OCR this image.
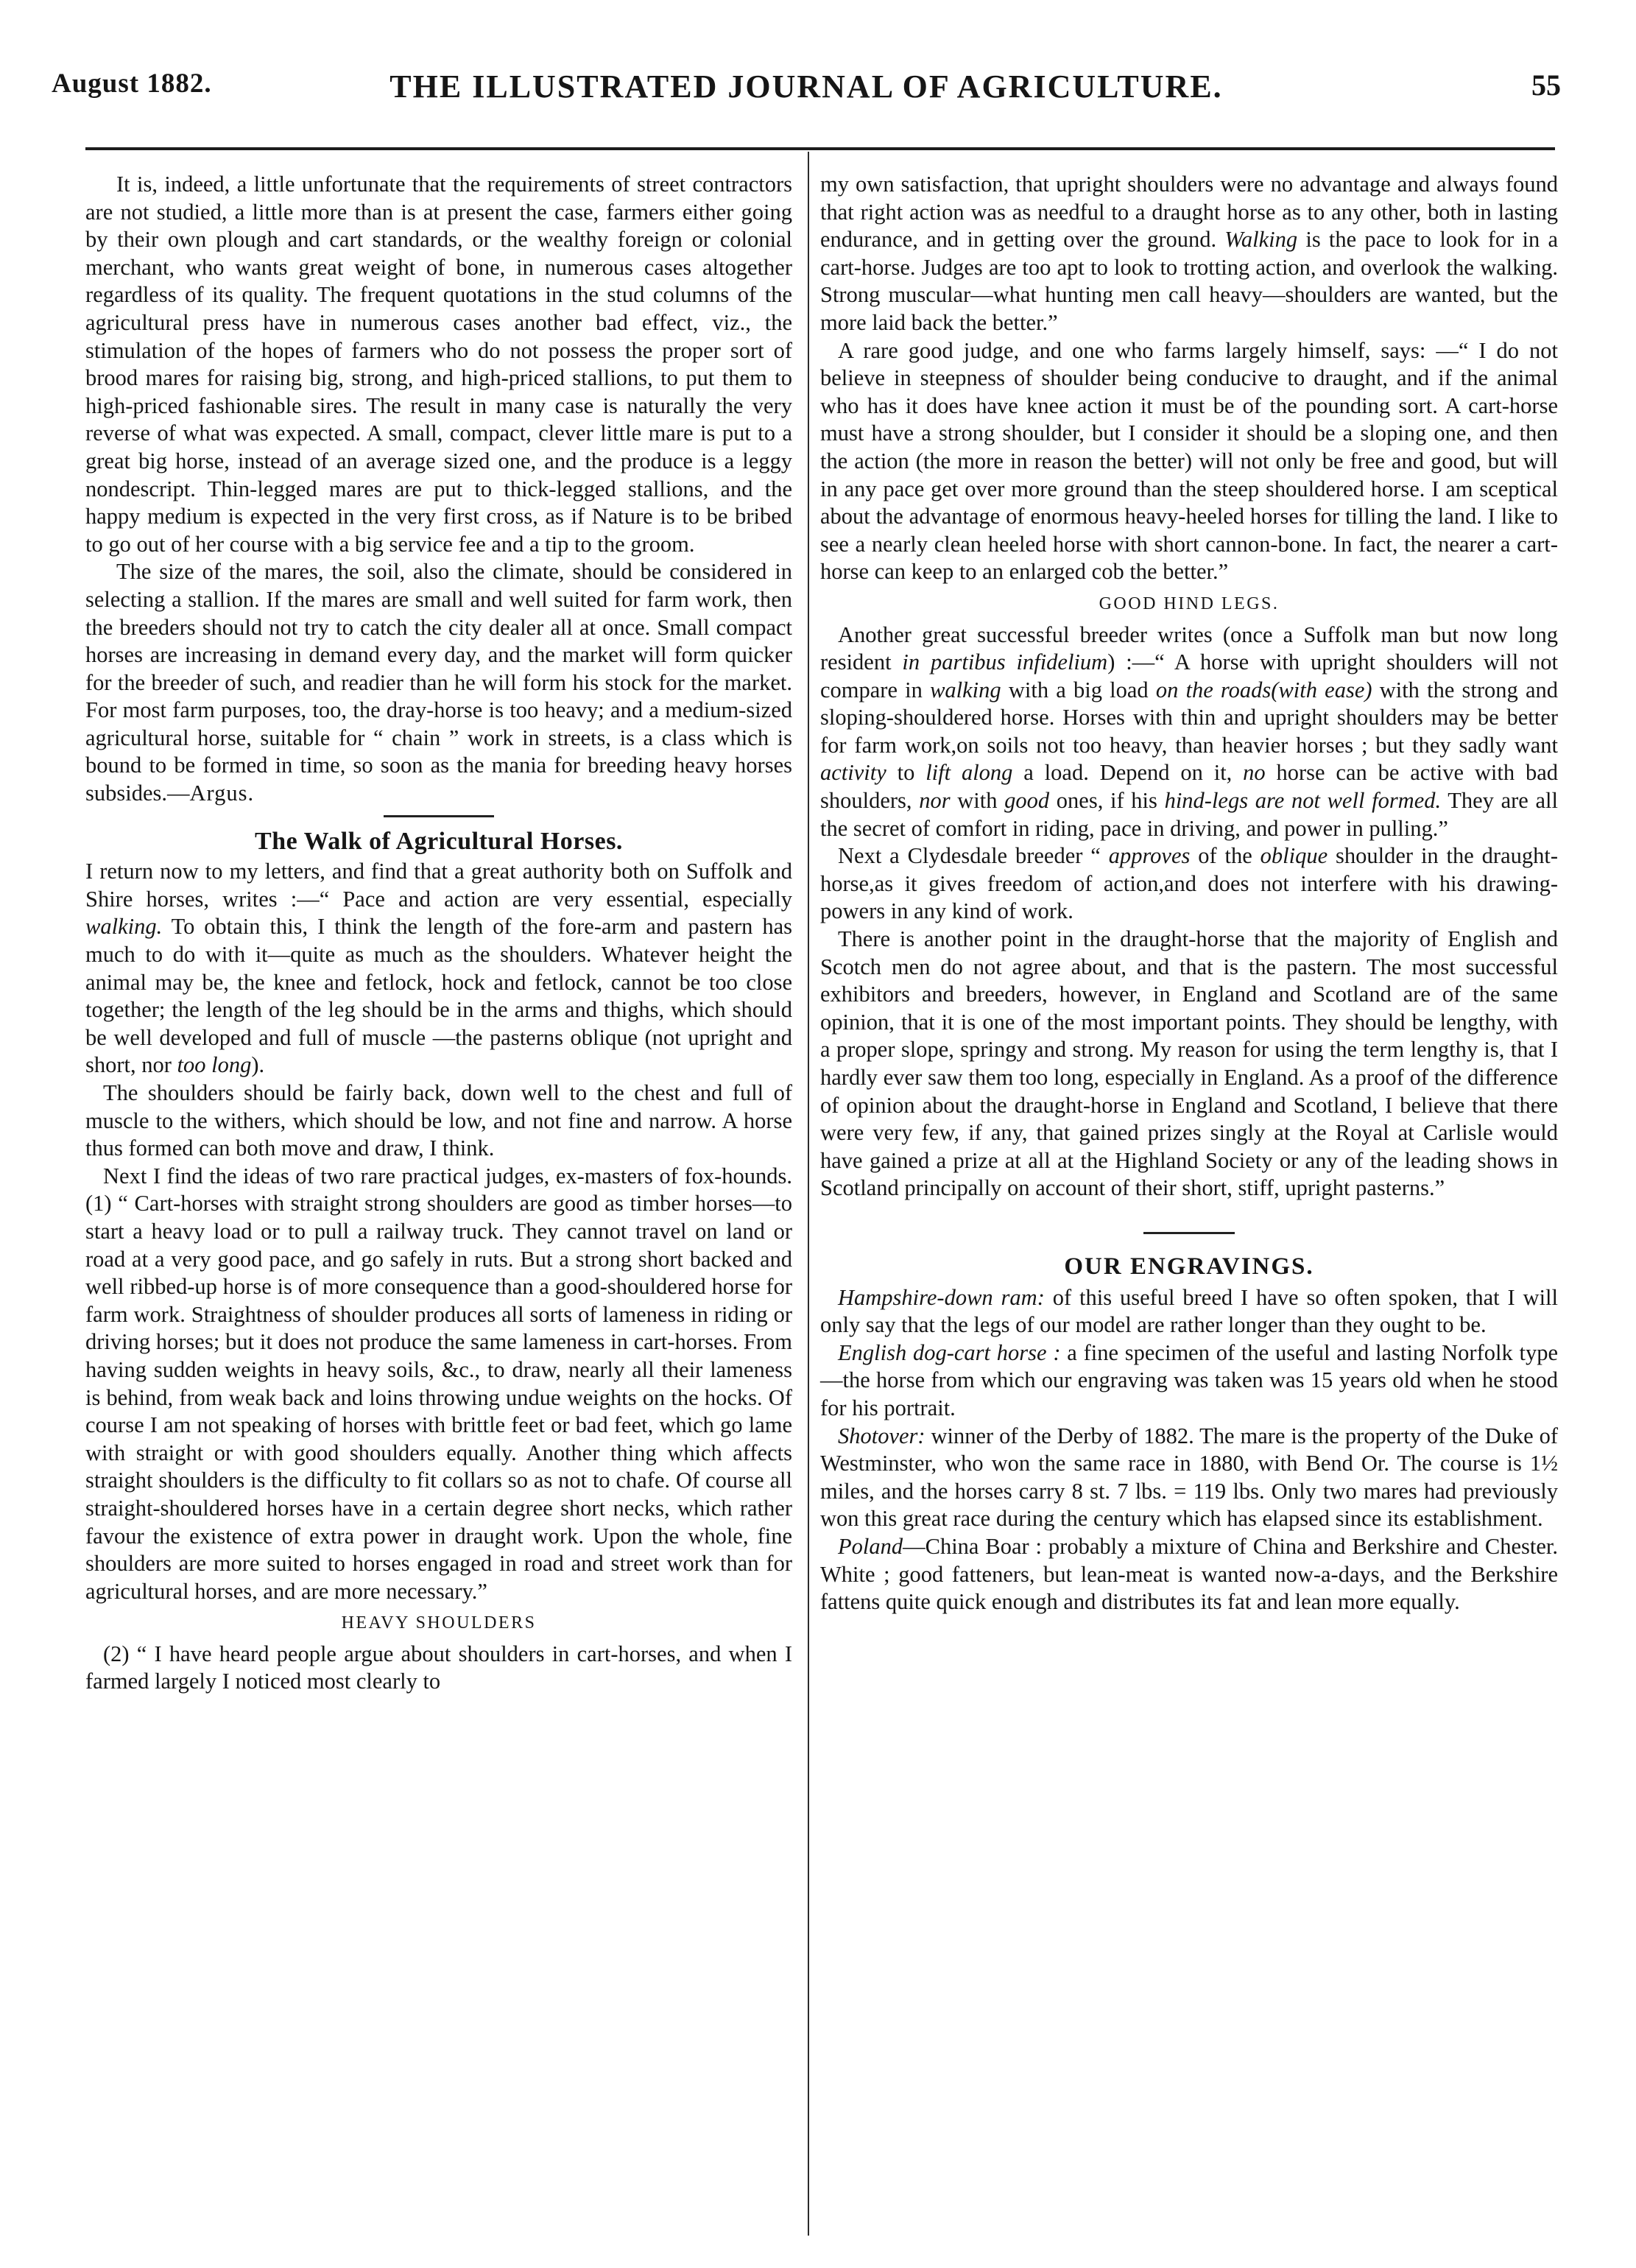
August 1882.	THE ILLUSTRATED JOURNAL OF AGRICULTURE.	55

It is, indeed, a little unfortunate that the requirements of street contractors are not studied, a little more than is at present the case, farmers either going by their own plough and cart standards, or the wealthy foreign or colonial merchant, who wants great weight of bone, in numerous cases altogether regardless of its quality. The frequent quotations in the stud columns of the agricultural press have in numerous cases another bad effect, viz., the stimulation of the hopes of farmers who do not possess the proper sort of brood mares for raising big, strong, and high-priced stallions, to put them to high-priced fashionable sires. The result in many case is naturally the very reverse of what was expected. A small, compact, clever little mare is put to a great big horse, instead of an average sized one, and the produce is a leggy nondescript. Thin-legged mares are put to thick-legged stallions, and the happy medium is expected in the very first cross, as if Nature is to be bribed to go out of her course with a big service fee and a tip to the groom.

The size of the mares, the soil, also the climate, should be considered in selecting a stallion. If the mares are small and well suited for farm work, then the breeders should not try to catch the city dealer all at once. Small compact horses are increasing in demand every day, and the market will form quicker for the breeder of such, and readier than he will form his stock for the market. For most farm purposes, too, the dray-horse is too heavy; and a medium-sized agricultural horse, suitable for “ chain ” work in streets, is a class which is bound to be formed in time, so soon as the mania for breeding heavy horses subsides.—Argus.

The Walk of Agricultural Horses.

I return now to my letters, and find that a great authority both on Suffolk and Shire horses, writes :—“ Pace and action are very essential, especially walking. To obtain this, I think the length of the fore-arm and pastern has much to do with it—quite as much as the shoulders. Whatever height the animal may be, the knee and fetlock, hock and fetlock, cannot be too close together; the length of the leg should be in the arms and thighs, which should be well developed and full of muscle —the pasterns oblique (not upright and short, nor too long).

The shoulders should be fairly back, down well to the chest and full of muscle to the withers, which should be low, and not fine and narrow. A horse thus formed can both move and draw, I think.

Next I find the ideas of two rare practical judges, ex-masters of fox-hounds. (1) “ Cart-horses with straight strong shoulders are good as timber horses—to start a heavy load or to pull a railway truck. They cannot travel on land or road at a very good pace, and go safely in ruts. But a strong short backed and well ribbed-up horse is of more consequence than a good-shouldered horse for farm work. Straightness of shoulder produces all sorts of lameness in riding or driving horses; but it does not produce the same lameness in cart-horses. From having sudden weights in heavy soils, &c., to draw, nearly all their lameness is behind, from weak back and loins throwing undue weights on the hocks. Of course I am not speaking of horses with brittle feet or bad feet, which go lame with straight or with good shoulders equally. Another thing which affects straight shoulders is the difficulty to fit collars so as not to chafe. Of course all straight-shouldered horses have in a certain degree short necks, which rather favour the existence of extra power in draught work. Upon the whole, fine shoulders are more suited to horses engaged in road and street work than for agricultural horses, and are more necessary.”

HEAVY SHOULDERS

(2) “ I have heard people argue about shoulders in cart-horses, and when I farmed largely I noticed most clearly to

my own satisfaction, that upright shoulders were no advantage and always found that right action was as needful to a draught horse as to any other, both in lasting endurance, and in getting over the ground. Walking is the pace to look for in a cart-horse. Judges are too apt to look to trotting action, and overlook the walking. Strong muscular—what hunting men call heavy—shoulders are wanted, but the more laid back the better.”

A rare good judge, and one who farms largely himself, says: —“ I do not believe in steepness of shoulder being conducive to draught, and if the animal who has it does have knee action it must be of the pounding sort. A cart-horse must have a strong shoulder, but I consider it should be a sloping one, and then the action (the more in reason the better) will not only be free and good, but will in any pace get over more ground than the steep shouldered horse. I am sceptical about the advantage of enormous heavy-heeled horses for tilling the land. I like to see a nearly clean heeled horse with short cannon-bone. In fact, the nearer a cart-horse can keep to an enlarged cob the better.”

GOOD HIND LEGS.

Another great successful breeder writes (once a Suffolk man but now long resident in partibus infidelium) :—“ A horse with upright shoulders will not compare in walking with a big load on the roads(with ease) with the strong and sloping-shouldered horse. Horses with thin and upright shoulders may be better for farm work,on soils not too heavy, than heavier horses ; but they sadly want activity to lift along a load. Depend on it, no horse can be active with bad shoulders, nor with good ones, if his hind-legs are not well formed. They are all the secret of comfort in riding, pace in driving, and power in pulling.”

Next a Clydesdale breeder “ approves of the oblique shoulder in the draught-horse,as it gives freedom of action,and does not interfere with his drawing-powers in any kind of work.

There is another point in the draught-horse that the majority of English and Scotch men do not agree about, and that is the pastern. The most successful exhibitors and breeders, however, in England and Scotland are of the same opinion, that it is one of the most important points. They should be lengthy, with a proper slope, springy and strong. My reason for using the term lengthy is, that I hardly ever saw them too long, especially in England. As a proof of the difference of opinion about the draught-horse in England and Scotland, I believe that there were very few, if any, that gained prizes singly at the Royal at Carlisle would have gained a prize at all at the Highland Society or any of the leading shows in Scotland principally on account of their short, stiff, upright pasterns.”

OUR ENGRAVINGS.

Hampshire-down ram: of this useful breed I have so often spoken, that I will only say that the legs of our model are rather longer than they ought to be.

English dog-cart horse : a fine specimen of the useful and lasting Norfolk type—the horse from which our engraving was taken was 15 years old when he stood for his portrait.

Shotover: winner of the Derby of 1882. The mare is the property of the Duke of Westminster, who won the same race in 1880, with Bend Or. The course is 1½ miles, and the horses carry 8 st. 7 lbs. = 119 lbs. Only two mares had previously won this great race during the century which has elapsed since its establishment.

Poland—China Boar : probably a mixture of China and Berkshire and Chester. White ; good fatteners, but lean-meat is wanted now-a-days, and the Berkshire fattens quite quick enough and distributes its fat and lean more equally.
